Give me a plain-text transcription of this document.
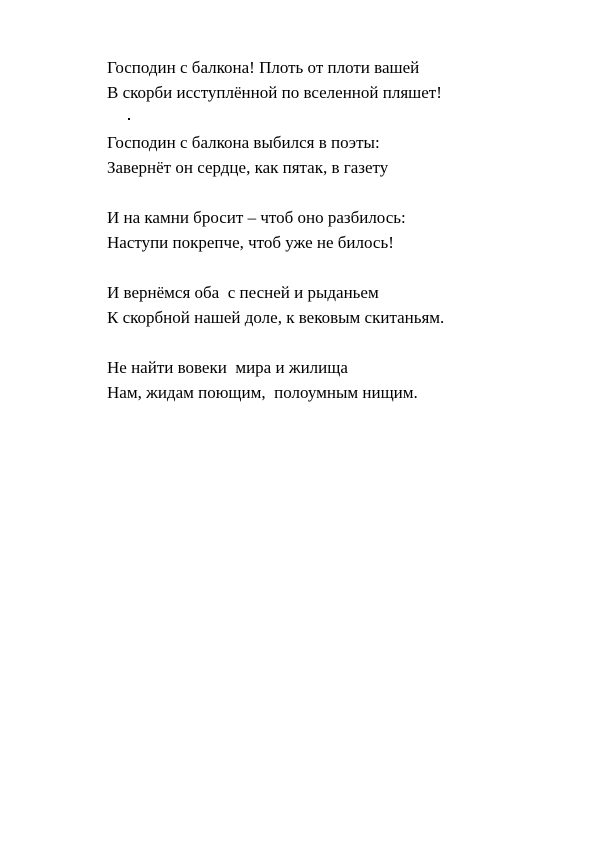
Господин с балкона! Плоть от плоти вашей
В скорби исступлённой по вселенной пляшет!
Господин с балкона выбился в поэты:
Завернёт он сердце, как пятак, в газету
И на камни бросит – чтоб оно разбилось:
Наступи покрепче, чтоб уже не билось!
И вернёмся оба  с песней и рыданьем
К скорбной нашей доле, к вековым скитаньям.
Не найти вовеки  мира и жилища
Нам, жидам поющим,  полоумным нищим.
